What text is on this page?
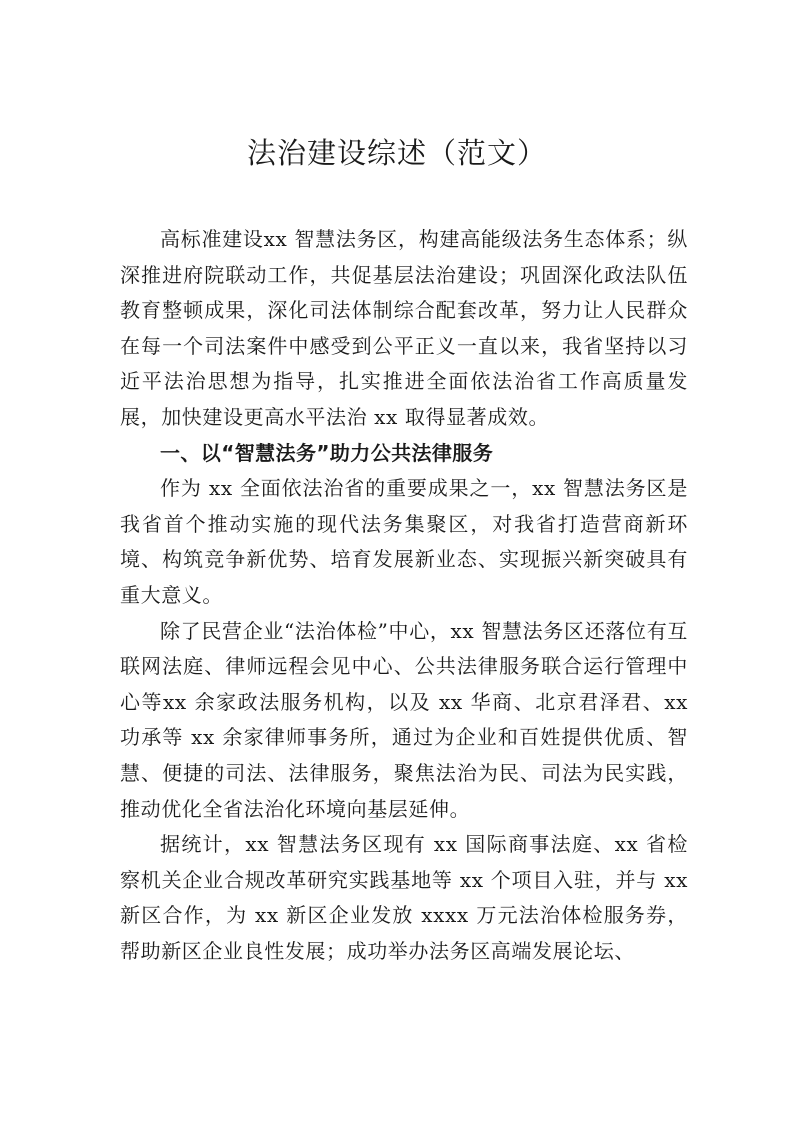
法治建设综述（范文）

高标准建设xx 智慧法务区，构建高能级法务生态体系；纵深推进府院联动工作，共促基层法治建设；巩固深化政法队伍教育整顿成果，深化司法体制综合配套改革，努力让人民群众在每一个司法案件中感受到公平正义一直以来，我省坚持以习近平法治思想为指导，扎实推进全面依法治省工作高质量发展，加快建设更高水平法治 xx 取得显著成效。

一、以“智慧法务”助力公共法律服务

作为 xx 全面依法治省的重要成果之一，xx 智慧法务区是我省首个推动实施的现代法务集聚区，对我省打造营商新环境、构筑竞争新优势、培育发展新业态、实现振兴新突破具有重大意义。

除了民营企业“法治体检”中心，xx 智慧法务区还落位有互联网法庭、律师远程会见中心、公共法律服务联合运行管理中心等xx 余家政法服务机构，以及 xx 华商、北京君泽君、xx 功承等 xx 余家律师事务所，通过为企业和百姓提供优质、智慧、便捷的司法、法律服务，聚焦法治为民、司法为民实践，推动优化全省法治化环境向基层延伸。

据统计，xx 智慧法务区现有 xx 国际商事法庭、xx 省检察机关企业合规改革研究实践基地等 xx 个项目入驻，并与 xx 新区合作，为 xx 新区企业发放 xxxx 万元法治体检服务券，帮助新区企业良性发展；成功举办法务区高端发展论坛、
